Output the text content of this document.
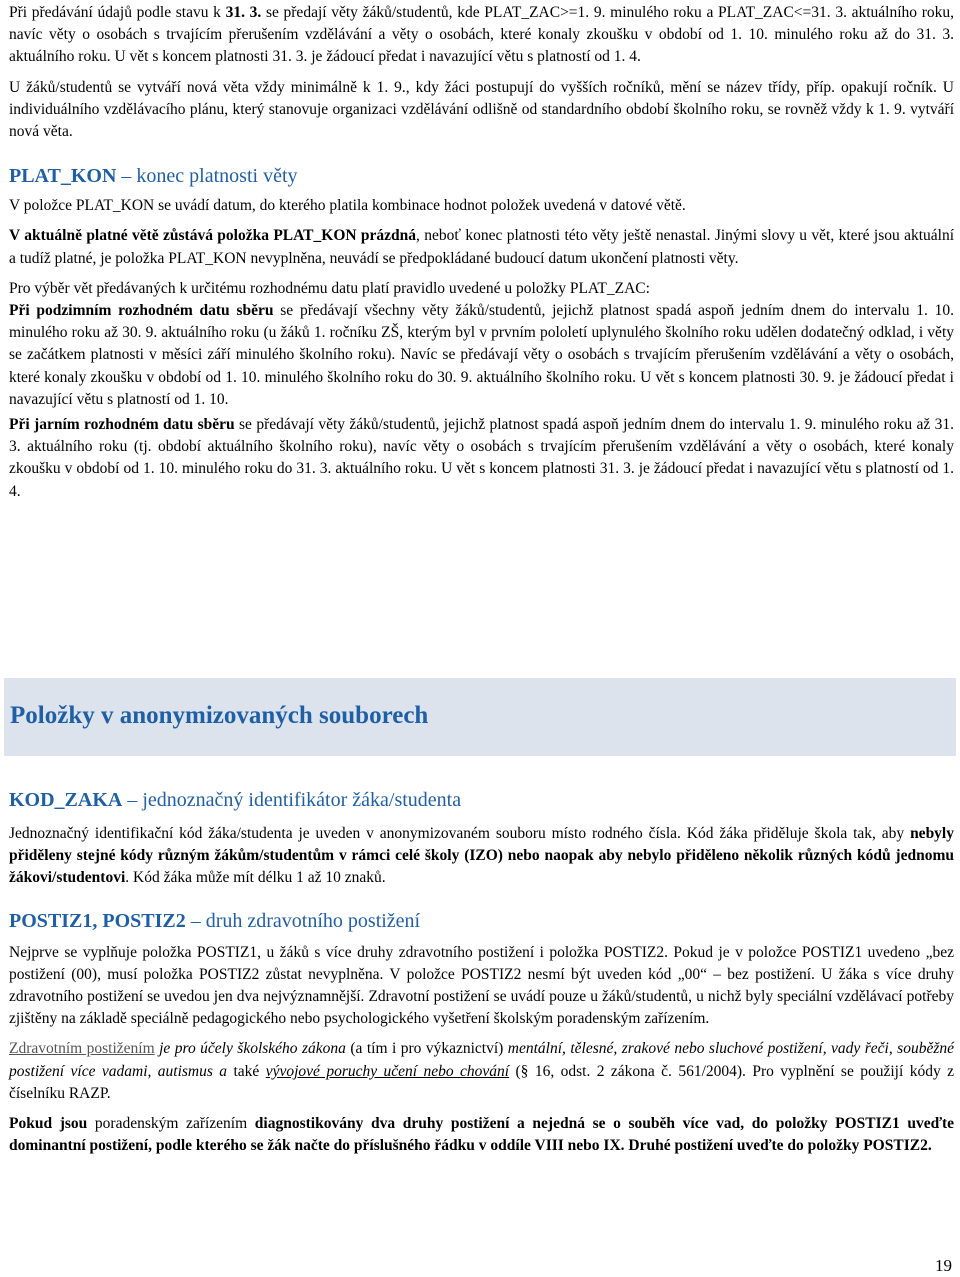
Při předávání údajů podle stavu k 31. 3. se předají věty žáků/studentů, kde PLAT_ZAC>=1. 9. minulého roku a PLAT_ZAC<=31. 3. aktuálního roku, navíc věty o osobách s trvajícím přerušením vzdělávání a věty o osobách, které konaly zkoušku v období od 1. 10. minulého roku až do 31. 3. aktuálního roku. U vět s koncem platnosti 31. 3. je žádoucí předat i navazující větu s platností od 1. 4.

U žáků/studentů se vytváří nová věta vždy minimálně k 1. 9., kdy žáci postupují do vyšších ročníků, mění se název třídy, příp. opakují ročník. U individuálního vzdělávacího plánu, který stanovuje organizaci vzdělávání odlišně od standardního období školního roku, se rovněž vždy k 1. 9. vytváří nová věta.

PLAT_KON – konec platnosti věty

V položce PLAT_KON se uvádí datum, do kterého platila kombinace hodnot položek uvedená v datové větě.

V aktuálně platné větě zůstává položka PLAT_KON prázdná, neboť konec platnosti této věty ještě nenastal. Jinými slovy u vět, které jsou aktuální a tudíž platné, je položka PLAT_KON nevyplněna, neuvádí se předpokládané budoucí datum ukončení platnosti věty.

Pro výběr vět předávaných k určitému rozhodnému datu platí pravidlo uvedené u položky PLAT_ZAC:

Při podzimním rozhodném datu sběru se předávají všechny věty žáků/studentů, jejichž platnost spadá aspoň jedním dnem do intervalu 1. 10. minulého roku až 30. 9. aktuálního roku (u žáků 1. ročníku ZŠ, kterým byl v prvním pololetí uplynulého školního roku udělen dodatečný odklad, i věty se začátkem platnosti v měsíci září minulého školního roku). Navíc se předávají věty o osobách s trvajícím přerušením vzdělávání a věty o osobách, které konaly zkoušku v období od 1. 10. minulého školního roku do 30. 9. aktuálního školního roku. U vět s koncem platnosti 30. 9. je žádoucí předat i navazující větu s platností od 1. 10.

Při jarním rozhodném datu sběru se předávají věty žáků/studentů, jejichž platnost spadá aspoň jedním dnem do intervalu 1. 9. minulého roku až 31. 3. aktuálního roku (tj. období aktuálního školního roku), navíc věty o osobách s trvajícím přerušením vzdělávání a věty o osobách, které konaly zkoušku v období od 1. 10. minulého roku do 31. 3. aktuálního roku. U vět s koncem platnosti 31. 3. je žádoucí předat i navazující větu s platností od 1. 4.

Položky v anonymizovaných souborech
KOD_ZAKA – jednoznačný identifikátor žáka/studenta

Jednoznačný identifikační kód žáka/studenta je uveden v anonymizovaném souboru místo rodného čísla. Kód žáka přiděluje škola tak, aby nebyly přiděleny stejné kódy různým žákům/studentům v rámci celé školy (IZO) nebo naopak aby nebylo přiděleno několik různých kódů jednomu žákovi/studentovi. Kód žáka může mít délku 1 až 10 znaků.

POSTIZ1, POSTIZ2 – druh zdravotního postižení

Nejprve se vyplňuje položka POSTIZ1, u žáků s více druhy zdravotního postižení i položka POSTIZ2. Pokud je v položce POSTIZ1 uvedeno „bez postižení (00), musí položka POSTIZ2 zůstat nevyplněna. V položce POSTIZ2 nesmí být uveden kód „00“ – bez postižení. U žáka s více druhy zdravotního postižení se uvedou jen dva nejvýznamnější. Zdravotní postižení se uvádí pouze u žáků/studentů, u nichž byly speciální vzdělávací potřeby zjištěny na základě speciálně pedagogického nebo psychologického vyšetření školským poradenským zařízením.

Zdravotním postižením je pro účely školského zákona (a tím i pro výkaznictví) mentální, tělesné, zrakové nebo sluchové postižení, vady řeči, souběžné postižení více vadami, autismus a také vývojové poruchy učení nebo chování (§ 16, odst. 2 zákona č. 561/2004). Pro vyplnění se použijí kódy z číselníku RAZP.

Pokud jsou poradenským zařízením diagnostikovány dva druhy postižení a nejedná se o souběh více vad, do položky POSTIZ1 uveďte dominantní postižení, podle kterého se žák načte do příslušného řádku v oddíle VIII nebo IX. Druhé postižení uveďte do položky POSTIZ2.

19
